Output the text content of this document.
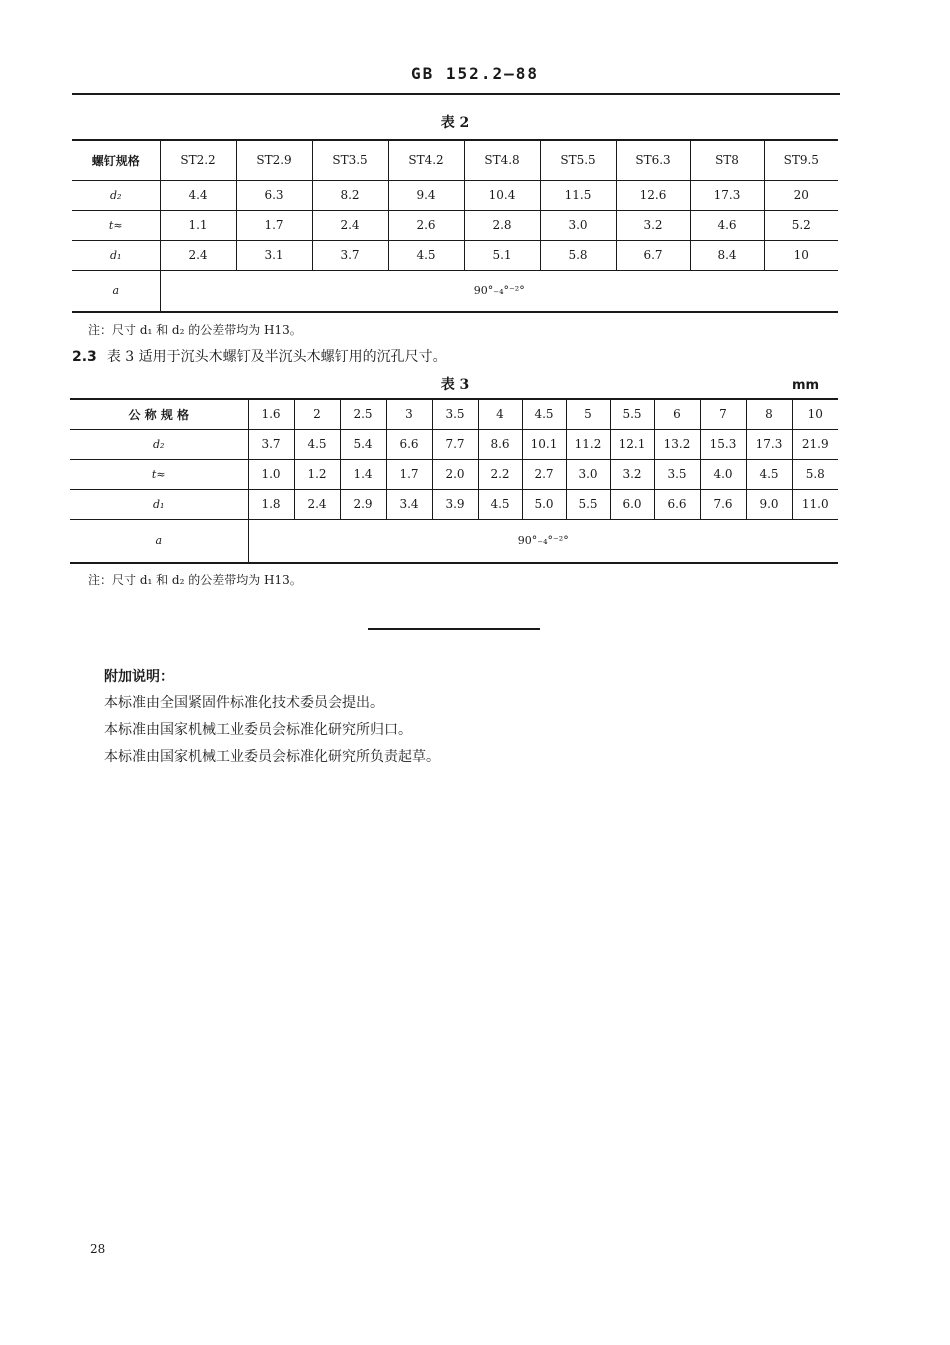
GB 152.2—88
表 2
螺钉规格	ST2.2	ST2.9	ST3.5	ST4.2	ST4.8	ST5.5	ST6.3	ST8	ST9.5
d₂	4.4	6.3	8.2	9.4	10.4	11.5	12.6	17.3	20
t≈	1.1	1.7	2.4	2.6	2.8	3.0	3.2	4.6	5.2
d₁	2.4	3.1	3.7	4.5	5.1	5.8	6.7	8.4	10
a	90°₋₄°⁻²°								
注：尺寸 d₁ 和 d₂ 的公差带均为 H13。
2.3 表 3 适用于沉头木螺钉及半沉头木螺钉用的沉孔尺寸。
表 3	mm
公 称 规 格	1.6	2	2.5	3	3.5	4	4.5	5	5.5	6	7	8	10
d₂	3.7	4.5	5.4	6.6	7.7	8.6	10.1	11.2	12.1	13.2	15.3	17.3	21.9
t≈	1.0	1.2	1.4	1.7	2.0	2.2	2.7	3.0	3.2	3.5	4.0	4.5	5.8
d₁	1.8	2.4	2.9	3.4	3.9	4.5	5.0	5.5	6.0	6.6	7.6	9.0	11.0
a	90°₋₄°⁻²°												
注：尺寸 d₁ 和 d₂ 的公差带均为 H13。
附加说明：
本标准由全国紧固件标准化技术委员会提出。
本标准由国家机械工业委员会标准化研究所归口。
本标准由国家机械工业委员会标准化研究所负责起草。
28
